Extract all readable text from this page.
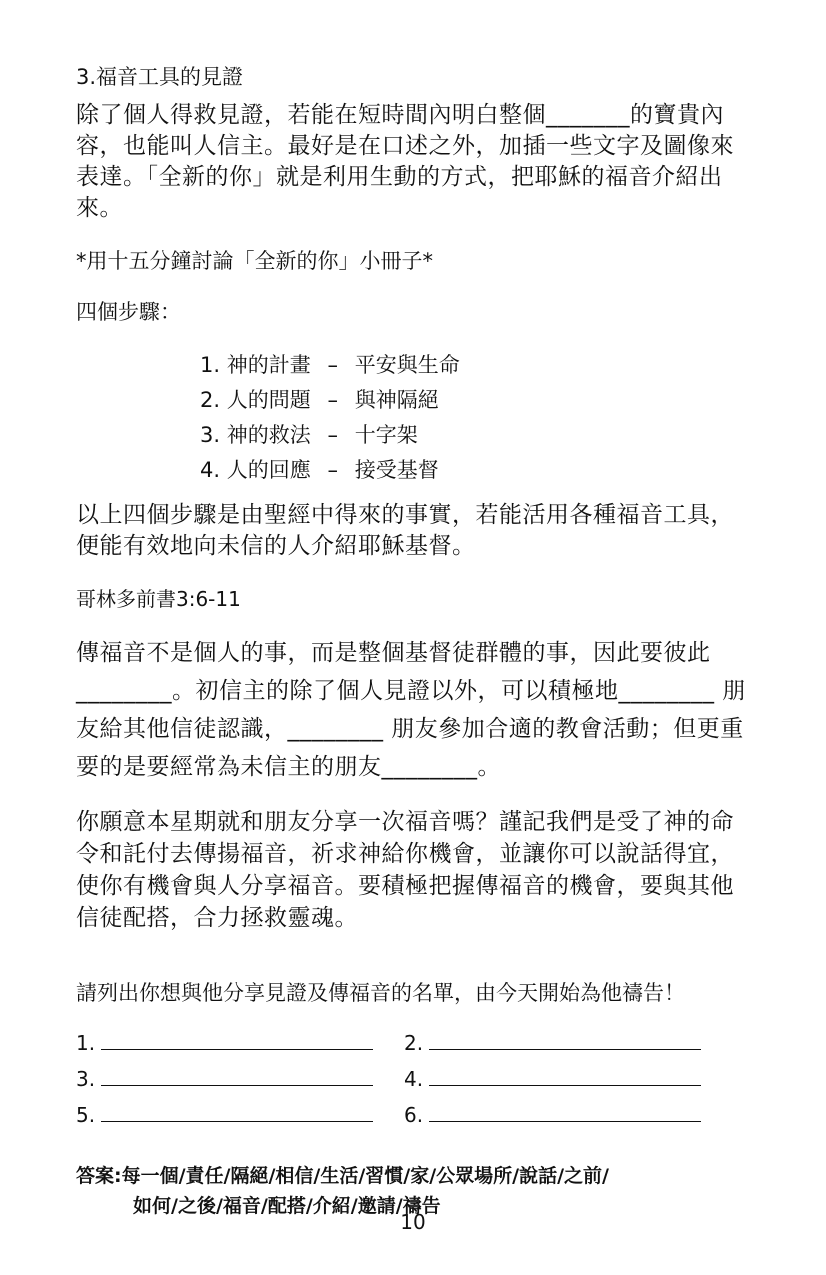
3.福音工具的見證

除了個人得救見證，若能在短時間內明白整個_______的寶貴內容，也能叫人信主。最好是在口述之外，加插一些文字及圖像來表達。「全新的你」就是利用生動的方式，把耶穌的福音介紹出來。

*用十五分鐘討論「全新的你」小冊子*

四個步驟：

1. 神的計畫 – 平安與生命
2. 人的問題 – 與神隔絕
3. 神的救法 – 十字架
4. 人的回應 – 接受基督

以上四個步驟是由聖經中得來的事實，若能活用各種福音工具，便能有效地向未信的人介紹耶穌基督。

哥林多前書3:6-11

傳福音不是個人的事，而是整個基督徒群體的事，因此要彼此________。初信主的除了個人見證以外，可以積極地________ 朋友給其他信徒認識，________ 朋友參加合適的教會活動；但更重要的是要經常為未信主的朋友________。

你願意本星期就和朋友分享一次福音嗎？謹記我們是受了神的命令和託付去傳揚福音，祈求神給你機會，並讓你可以說話得宜，使你有機會與人分享福音。要積極把握傳福音的機會，要與其他信徒配搭，合力拯救靈魂。

請列出你想與他分享見證及傳福音的名單，由今天開始為他禱告！

1.	2.
3.	4.
5.	6.
答案:每一個/責任/隔絕/相信/生活/習慣/家/公眾場所/說話/之前/
如何/之後/福音/配搭/介紹/邀請/禱告
10
